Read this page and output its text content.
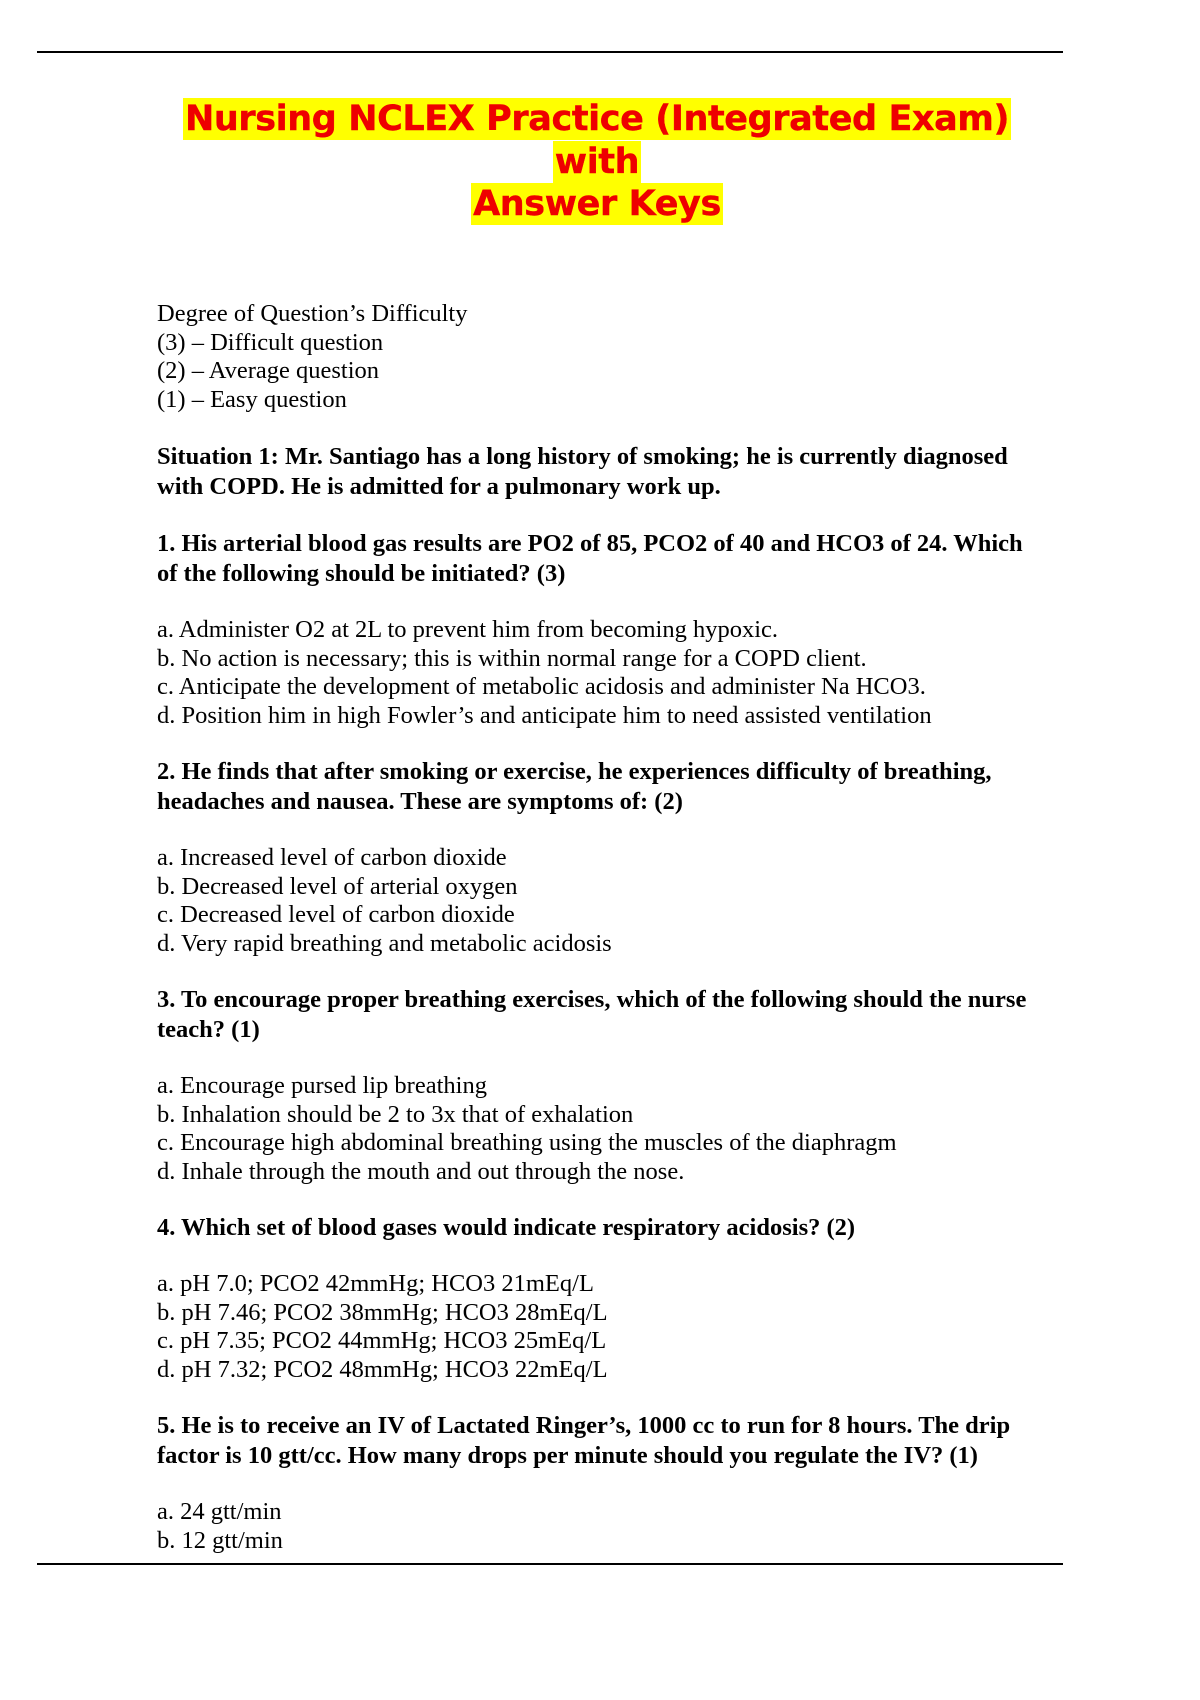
Nursing NCLEX Practice (Integrated Exam) with
Answer Keys
Degree of Question’s Difficulty
(3) – Difficult question
(2) – Average question
(1) – Easy question
Situation 1: Mr. Santiago has a long history of smoking; he is currently diagnosed
with COPD. He is admitted for a pulmonary work up.
1. His arterial blood gas results are PO2 of 85, PCO2 of 40 and HCO3 of 24. Which
of the following should be initiated? (3)
a. Administer O2 at 2L to prevent him from becoming hypoxic.
b. No action is necessary; this is within normal range for a COPD client.
c. Anticipate the development of metabolic acidosis and administer Na HCO3.
d. Position him in high Fowler’s and anticipate him to need assisted ventilation
2. He finds that after smoking or exercise, he experiences difficulty of breathing,
headaches and nausea. These are symptoms of: (2)
a. Increased level of carbon dioxide
b. Decreased level of arterial oxygen
c. Decreased level of carbon dioxide
d. Very rapid breathing and metabolic acidosis
3. To encourage proper breathing exercises, which of the following should the nurse
teach? (1)
a. Encourage pursed lip breathing
b. Inhalation should be 2 to 3x that of exhalation
c. Encourage high abdominal breathing using the muscles of the diaphragm
d. Inhale through the mouth and out through the nose.
4. Which set of blood gases would indicate respiratory acidosis? (2)
a. pH 7.0; PCO2 42mmHg; HCO3 21mEq/L
b. pH 7.46; PCO2 38mmHg; HCO3 28mEq/L
c. pH 7.35; PCO2 44mmHg; HCO3 25mEq/L
d. pH 7.32; PCO2 48mmHg; HCO3 22mEq/L
5. He is to receive an IV of Lactated Ringer’s, 1000 cc to run for 8 hours. The drip
factor is 10 gtt/cc. How many drops per minute should you regulate the IV? (1)
a. 24 gtt/min
b. 12 gtt/min
